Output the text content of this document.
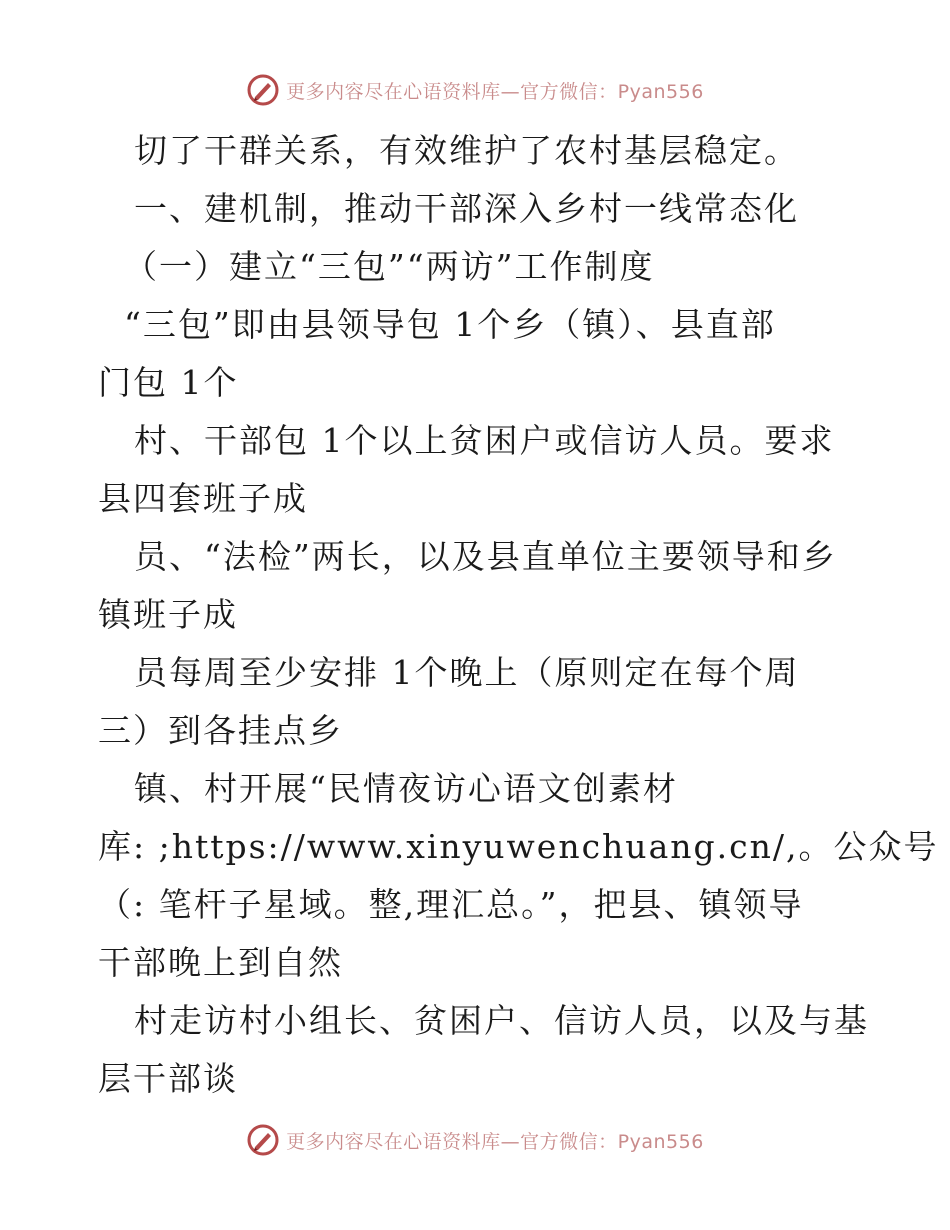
更多内容尽在心语资料库—官方微信：Pyan556
切了干群关系，有效维护了农村基层稳定。
一、建机制，推动干部深入乡村一线常态化
（一）建立“三包”“两访”工作制度
“三包”即由县领导包 1个乡（镇）、县直部
门包 1个
村、干部包 1个以上贫困户或信访人员。要求
县四套班子成
员、“法检”两长，以及县直单位主要领导和乡
镇班子成
员每周至少安排 1个晚上（原则定在每个周
三）到各挂点乡
镇、村开展“民情夜访心语文创素材
库: ;https://www.xinyuwenchuang.cn/,。公众号
（: 笔杆子星域。整,理汇总。”，把县、镇领导
干部晚上到自然
村走访村小组长、贫困户、信访人员，以及与基
层干部谈
更多内容尽在心语资料库—官方微信：Pyan556
